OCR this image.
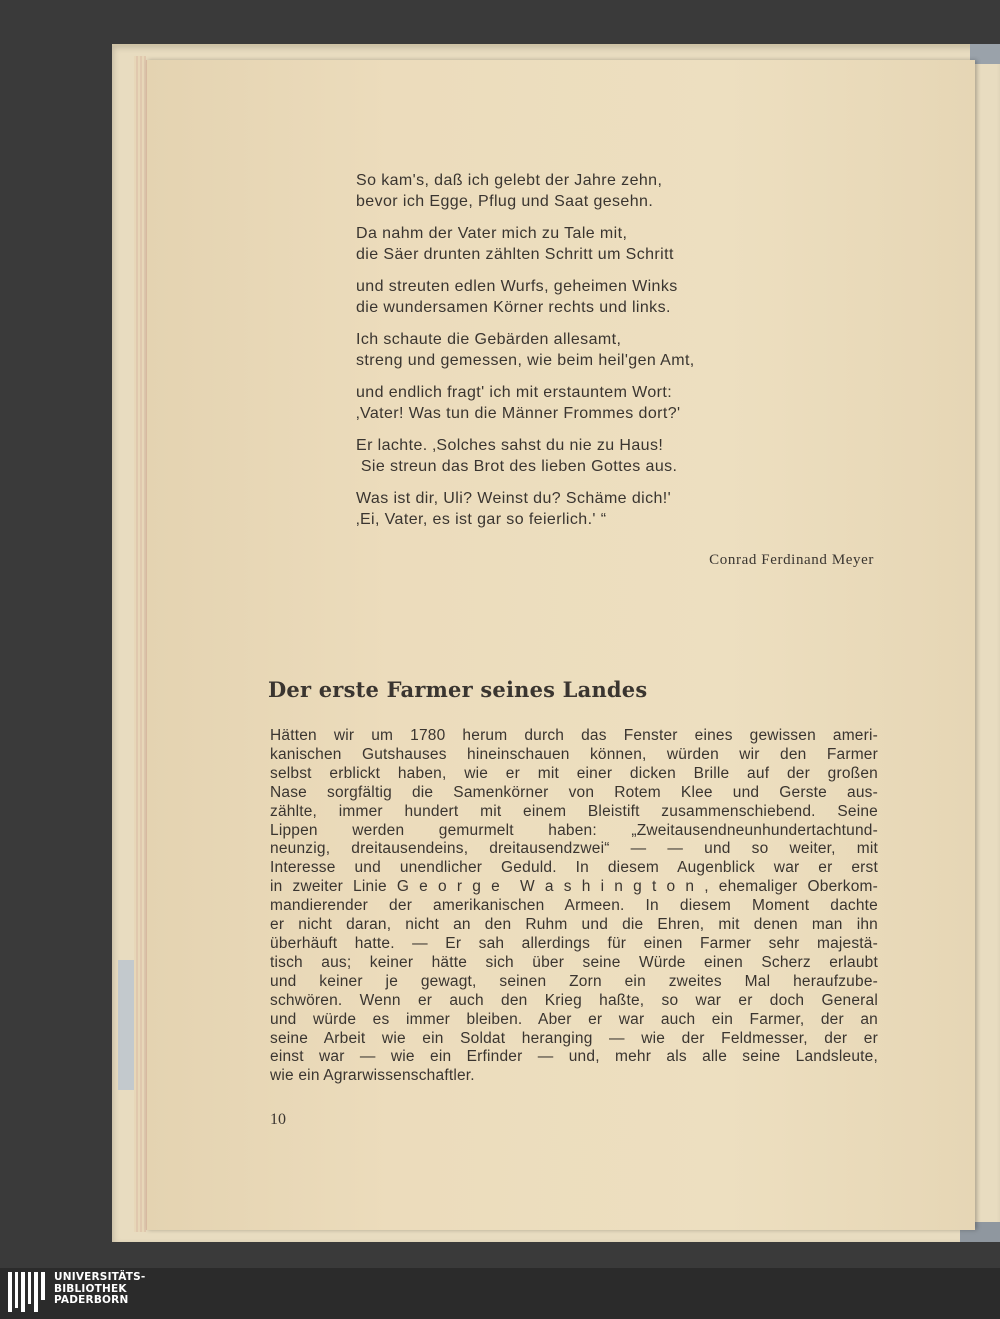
So kam's, daß ich gelebt der Jahre zehn,
bevor ich Egge, Pflug und Saat gesehn.
Da nahm der Vater mich zu Tale mit,
die Säer drunten zählten Schritt um Schritt
und streuten edlen Wurfs, geheimen Winks
die wundersamen Körner rechts und links.
Ich schaute die Gebärden allesamt,
streng und gemessen, wie beim heil'gen Amt,
und endlich fragt' ich mit erstauntem Wort:
‚Vater! Was tun die Männer Frommes dort?'
Er lachte. ‚Solches sahst du nie zu Haus!
Sie streun das Brot des lieben Gottes aus.
Was ist dir, Uli? Weinst du? Schäme dich!'
‚Ei, Vater, es ist gar so feierlich.' “
Conrad Ferdinand Meyer
Der erste Farmer seines Landes
Hätten wir um 1780 herum durch das Fenster eines gewissen ameri-
kanischen Gutshauses hineinschauen können, würden wir den Farmer
selbst erblickt haben, wie er mit einer dicken Brille auf der großen
Nase sorgfältig die Samenkörner von Rotem Klee und Gerste aus-
zählte, immer hundert mit einem Bleistift zusammenschiebend. Seine
Lippen werden gemurmelt haben: „Zweitausendneunhundertachtund-
neunzig, dreitausendeins, dreitausendzwei“ — — und so weiter, mit
Interesse und unendlicher Geduld. In diesem Augenblick war er erst
in zweiter Linie G e o r g e  W a s h i n g t o n , ehemaliger Oberkom-
mandierender der amerikanischen Armeen. In diesem Moment dachte
er nicht daran, nicht an den Ruhm und die Ehren, mit denen man ihn
überhäuft hatte. — Er sah allerdings für einen Farmer sehr majestä-
tisch aus; keiner hätte sich über seine Würde einen Scherz erlaubt
und keiner je gewagt, seinen Zorn ein zweites Mal heraufzube-
schwören. Wenn er auch den Krieg haßte, so war er doch General
und würde es immer bleiben. Aber er war auch ein Farmer, der an
seine Arbeit wie ein Soldat heranging — wie der Feldmesser, der er
einst war — wie ein Erfinder — und, mehr als alle seine Landsleute,
wie ein Agrarwissenschaftler.
10
UNIVERSITÄTS-
BIBLIOTHEK
PADERBORN
